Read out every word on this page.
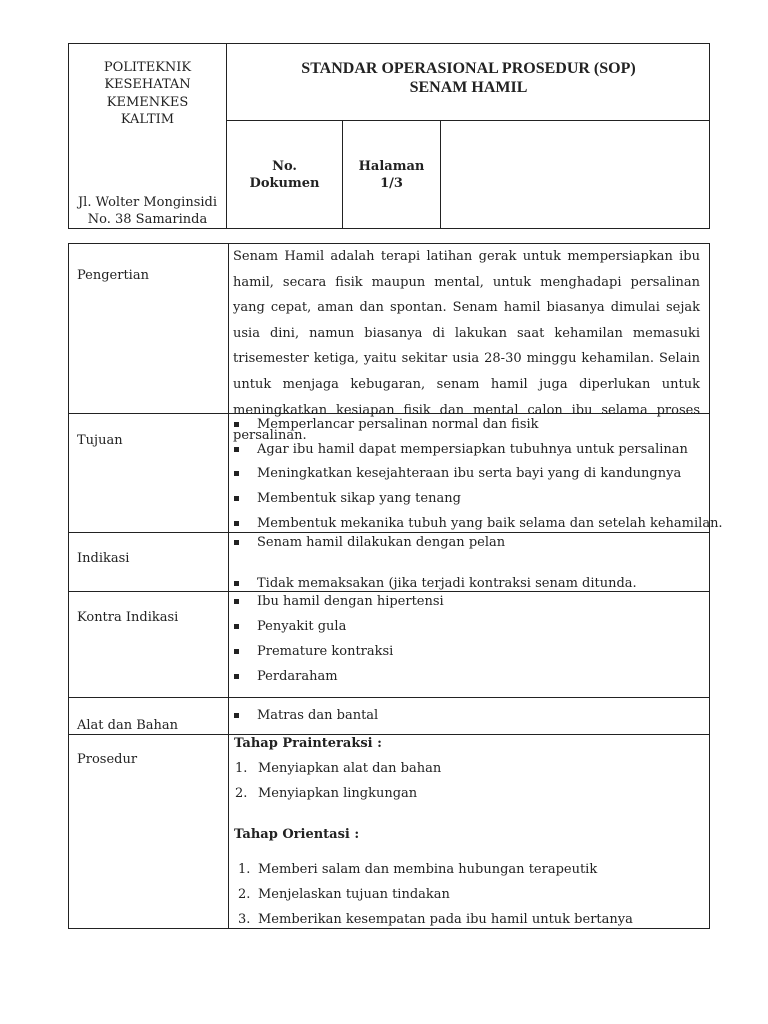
POLITEKNIK
KESEHATAN
KEMENKES
KALTIM
Jl. Wolter Monginsidi
No. 38 Samarinda
STANDAR OPERASIONAL PROSEDUR (SOP)
SENAM HAMIL
No.
Dokumen
Halaman
1/3
Pengertian
Senam Hamil adalah terapi latihan gerak untuk mempersiapkan ibu hamil, secara fisik maupun mental, untuk menghadapi persalinan yang cepat, aman dan spontan. Senam hamil biasanya dimulai sejak usia dini, namun biasanya di lakukan saat kehamilan memasuki trisemester ketiga, yaitu sekitar usia 28-30 minggu kehamilan. Selain untuk menjaga kebugaran, senam hamil juga diperlukan untuk meningkatkan kesiapan fisik dan mental calon ibu selama proses persalinan.
Tujuan
Memperlancar persalinan normal dan fisik
Agar ibu hamil dapat mempersiapkan tubuhnya untuk persalinan
Meningkatkan kesejahteraan ibu serta bayi yang di kandungnya
Membentuk sikap yang tenang
Membentuk mekanika tubuh yang baik selama dan setelah kehamilan.
Indikasi
Senam hamil dilakukan dengan pelan
Tidak memaksakan (jika terjadi kontraksi senam ditunda.
Kontra Indikasi
Ibu hamil dengan hipertensi
Penyakit gula
Premature kontraksi
Perdaraham
Alat dan Bahan
Matras dan bantal
Prosedur
Tahap Prainteraksi :
1. Menyiapkan alat dan bahan
2. Menyiapkan lingkungan
Tahap Orientasi :
1. Memberi salam dan membina hubungan terapeutik
2. Menjelaskan tujuan tindakan
3. Memberikan kesempatan pada ibu hamil untuk bertanya
